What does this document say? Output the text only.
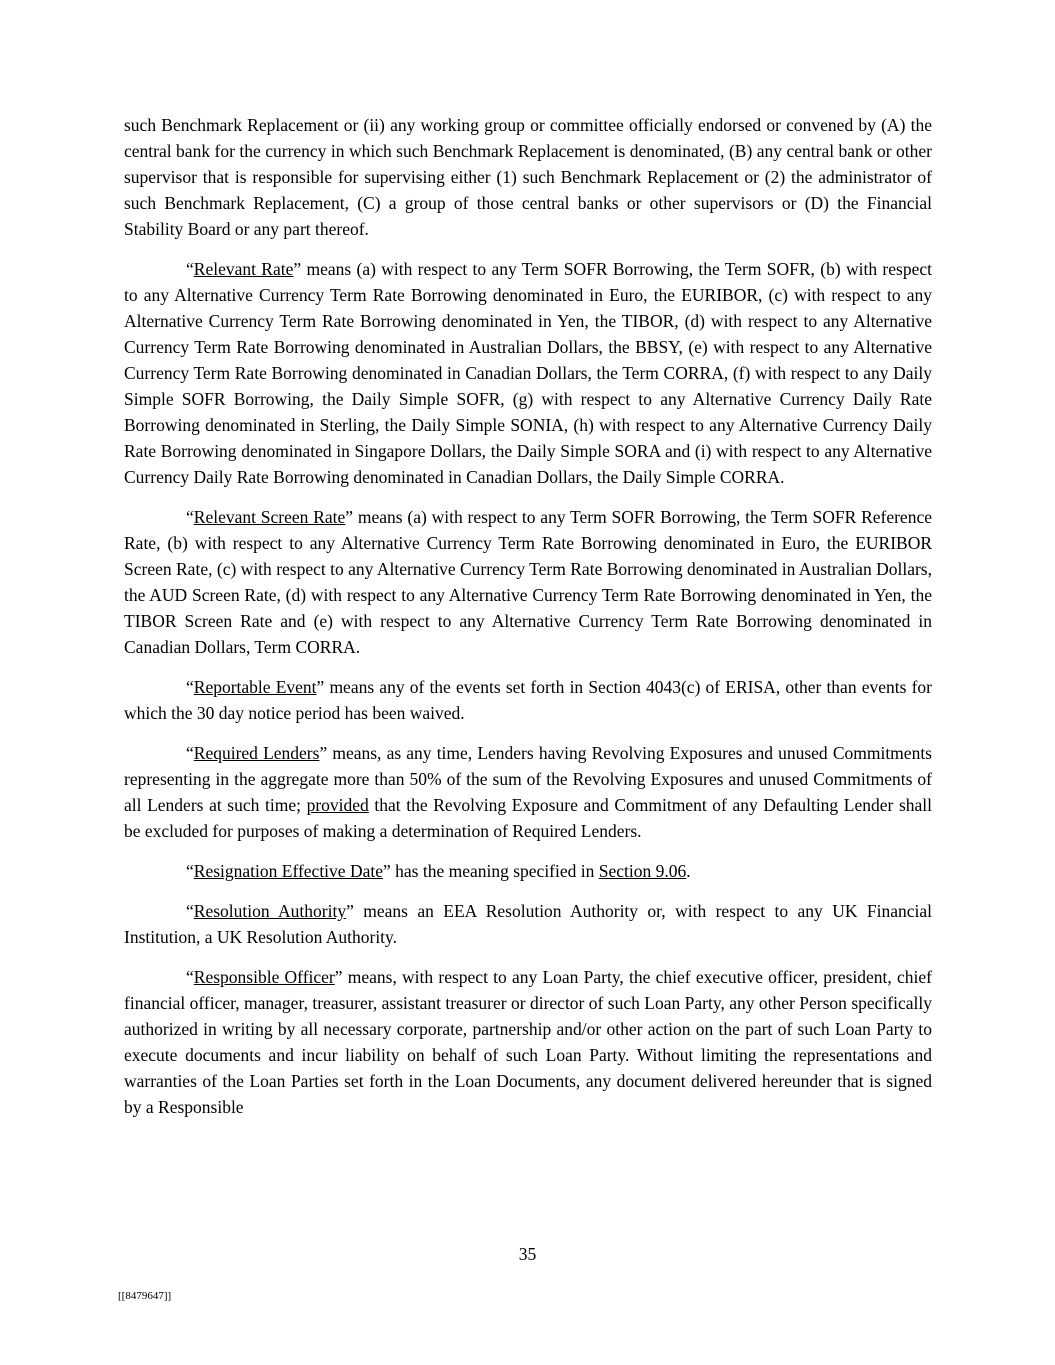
such Benchmark Replacement or (ii) any working group or committee officially endorsed or convened by (A) the central bank for the currency in which such Benchmark Replacement is denominated, (B) any central bank or other supervisor that is responsible for supervising either (1) such Benchmark Replacement or (2) the administrator of such Benchmark Replacement, (C) a group of those central banks or other supervisors or (D) the Financial Stability Board or any part thereof.

“Relevant Rate” means (a) with respect to any Term SOFR Borrowing, the Term SOFR, (b) with respect to any Alternative Currency Term Rate Borrowing denominated in Euro, the EURIBOR, (c) with respect to any Alternative Currency Term Rate Borrowing denominated in Yen, the TIBOR, (d) with respect to any Alternative Currency Term Rate Borrowing denominated in Australian Dollars, the BBSY, (e) with respect to any Alternative Currency Term Rate Borrowing denominated in Canadian Dollars, the Term CORRA, (f) with respect to any Daily Simple SOFR Borrowing, the Daily Simple SOFR, (g) with respect to any Alternative Currency Daily Rate Borrowing denominated in Sterling, the Daily Simple SONIA, (h) with respect to any Alternative Currency Daily Rate Borrowing denominated in Singapore Dollars, the Daily Simple SORA and (i) with respect to any Alternative Currency Daily Rate Borrowing denominated in Canadian Dollars, the Daily Simple CORRA.

“Relevant Screen Rate” means (a) with respect to any Term SOFR Borrowing, the Term SOFR Reference Rate, (b) with respect to any Alternative Currency Term Rate Borrowing denominated in Euro, the EURIBOR Screen Rate, (c) with respect to any Alternative Currency Term Rate Borrowing denominated in Australian Dollars, the AUD Screen Rate, (d) with respect to any Alternative Currency Term Rate Borrowing denominated in Yen, the TIBOR Screen Rate and (e) with respect to any Alternative Currency Term Rate Borrowing denominated in Canadian Dollars, Term CORRA.

“Reportable Event” means any of the events set forth in Section 4043(c) of ERISA, other than events for which the 30 day notice period has been waived.

“Required Lenders” means, as any time, Lenders having Revolving Exposures and unused Commitments representing in the aggregate more than 50% of the sum of the Revolving Exposures and unused Commitments of all Lenders at such time; provided that the Revolving Exposure and Commitment of any Defaulting Lender shall be excluded for purposes of making a determination of Required Lenders.

“Resignation Effective Date” has the meaning specified in Section 9.06.

“Resolution Authority” means an EEA Resolution Authority or, with respect to any UK Financial Institution, a UK Resolution Authority.

“Responsible Officer” means, with respect to any Loan Party, the chief executive officer, president, chief financial officer, manager, treasurer, assistant treasurer or director of such Loan Party, any other Person specifically authorized in writing by all necessary corporate, partnership and/or other action on the part of such Loan Party to execute documents and incur liability on behalf of such Loan Party. Without limiting the representations and warranties of the Loan Parties set forth in the Loan Documents, any document delivered hereunder that is signed by a Responsible

35
[[8479647]]
